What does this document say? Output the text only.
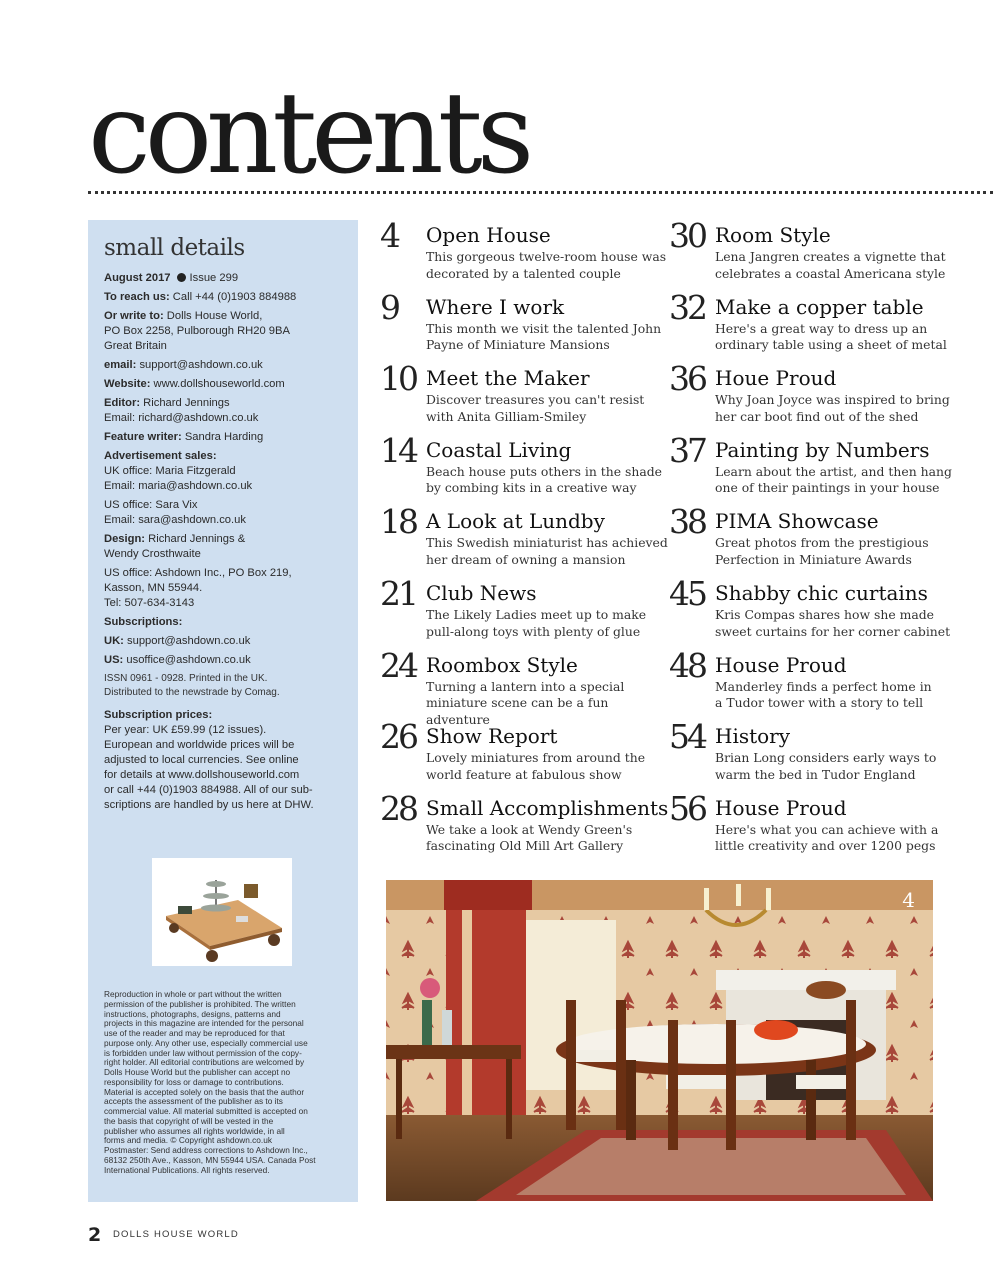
contents
small details
August 2017 Issue 299
To reach us: Call +44 (0)1903 884988
Or write to: Dolls House World,
PO Box 2258, Pulborough RH20 9BA
Great Britain
email: support@ashdown.co.uk
Website: www.dollshouseworld.com
Editor: Richard Jennings
Email: richard@ashdown.co.uk
Feature writer: Sandra Harding
Advertisement sales:
UK office: Maria Fitzgerald
Email: maria@ashdown.co.uk
US office: Sara Vix
Email: sara@ashdown.co.uk
Design: Richard Jennings &
Wendy Crosthwaite
US office: Ashdown Inc., PO Box 219,
Kasson, MN 55944.
Tel: 507-634-3143
Subscriptions:
UK: support@ashdown.co.uk
US: usoffice@ashdown.co.uk
ISSN 0961 - 0928. Printed in the UK.
Distributed to the newstrade by Comag.
Subscription prices:
Per year: UK £59.99 (12 issues).
European and worldwide prices will be
adjusted to local currencies. See online
for details at www.dollshouseworld.com
or call +44 (0)1903 884988. All of our sub-
scriptions are handled by us here at DHW.
Reproduction in whole or part without the written
permission of the publisher is prohibited. The written
instructions, photographs, designs, patterns and
projects in this magazine are intended for the personal
use of the reader and may be reproduced for that
purpose only. Any other use, especially commercial use
is forbidden under law without permission of the copy-
right holder. All editorial contributions are welcomed by
Dolls House World but the publisher can accept no
responsibility for loss or damage to contributions.
Material is accepted solely on the basis that the author
accepts the assessment of the publisher as to its
commercial value. All material submitted is accepted on
the basis that copyright of will be vested in the
publisher who assumes all rights worldwide, in all
forms and media. © Copyright ashdown.co.uk
Postmaster: Send address corrections to Ashdown Inc.,
68132 250th Ave., Kasson, MN 55944 USA. Canada Post
International Publications. All rights reserved.
4 Open House
This gorgeous twelve-room house was
decorated by a talented couple
9 Where I work
This month we visit the talented John
Payne of Miniature Mansions
10 Meet the Maker
Discover treasures you can't resist
with Anita Gilliam-Smiley
14 Coastal Living
Beach house puts others in the shade
by combing kits in a creative way
18 A Look at Lundby
This Swedish miniaturist has achieved
her dream of owning a mansion
21 Club News
The Likely Ladies meet up to make
pull-along toys with plenty of glue
24 Roombox Style
Turning a lantern into a special
miniature scene can be a fun adventure
26 Show Report
Lovely miniatures from around the
world feature at fabulous show
28 Small Accomplishments
We take a look at Wendy Green's
fascinating Old Mill Art Gallery
30 Room Style
Lena Jangren creates a vignette that
celebrates a coastal Americana style
32 Make a copper table
Here's a great way to dress up an
ordinary table using a sheet of metal
36 Houe Proud
Why Joan Joyce was inspired to bring
her car boot find out of the shed
37 Painting by Numbers
Learn about the artist, and then hang
one of their paintings in your house
38 PIMA Showcase
Great photos from the prestigious
Perfection in Miniature Awards
45 Shabby chic curtains
Kris Compas shares how she made
sweet curtains for her corner cabinet
48 House Proud
Manderley finds a perfect home in
a Tudor tower with a story to tell
54 History
Brian Long considers early ways to
warm the bed in Tudor England
56 House Proud
Here's what you can achieve with a
little creativity and over 1200 pegs
4
2 DOLLS HOUSE WORLD
